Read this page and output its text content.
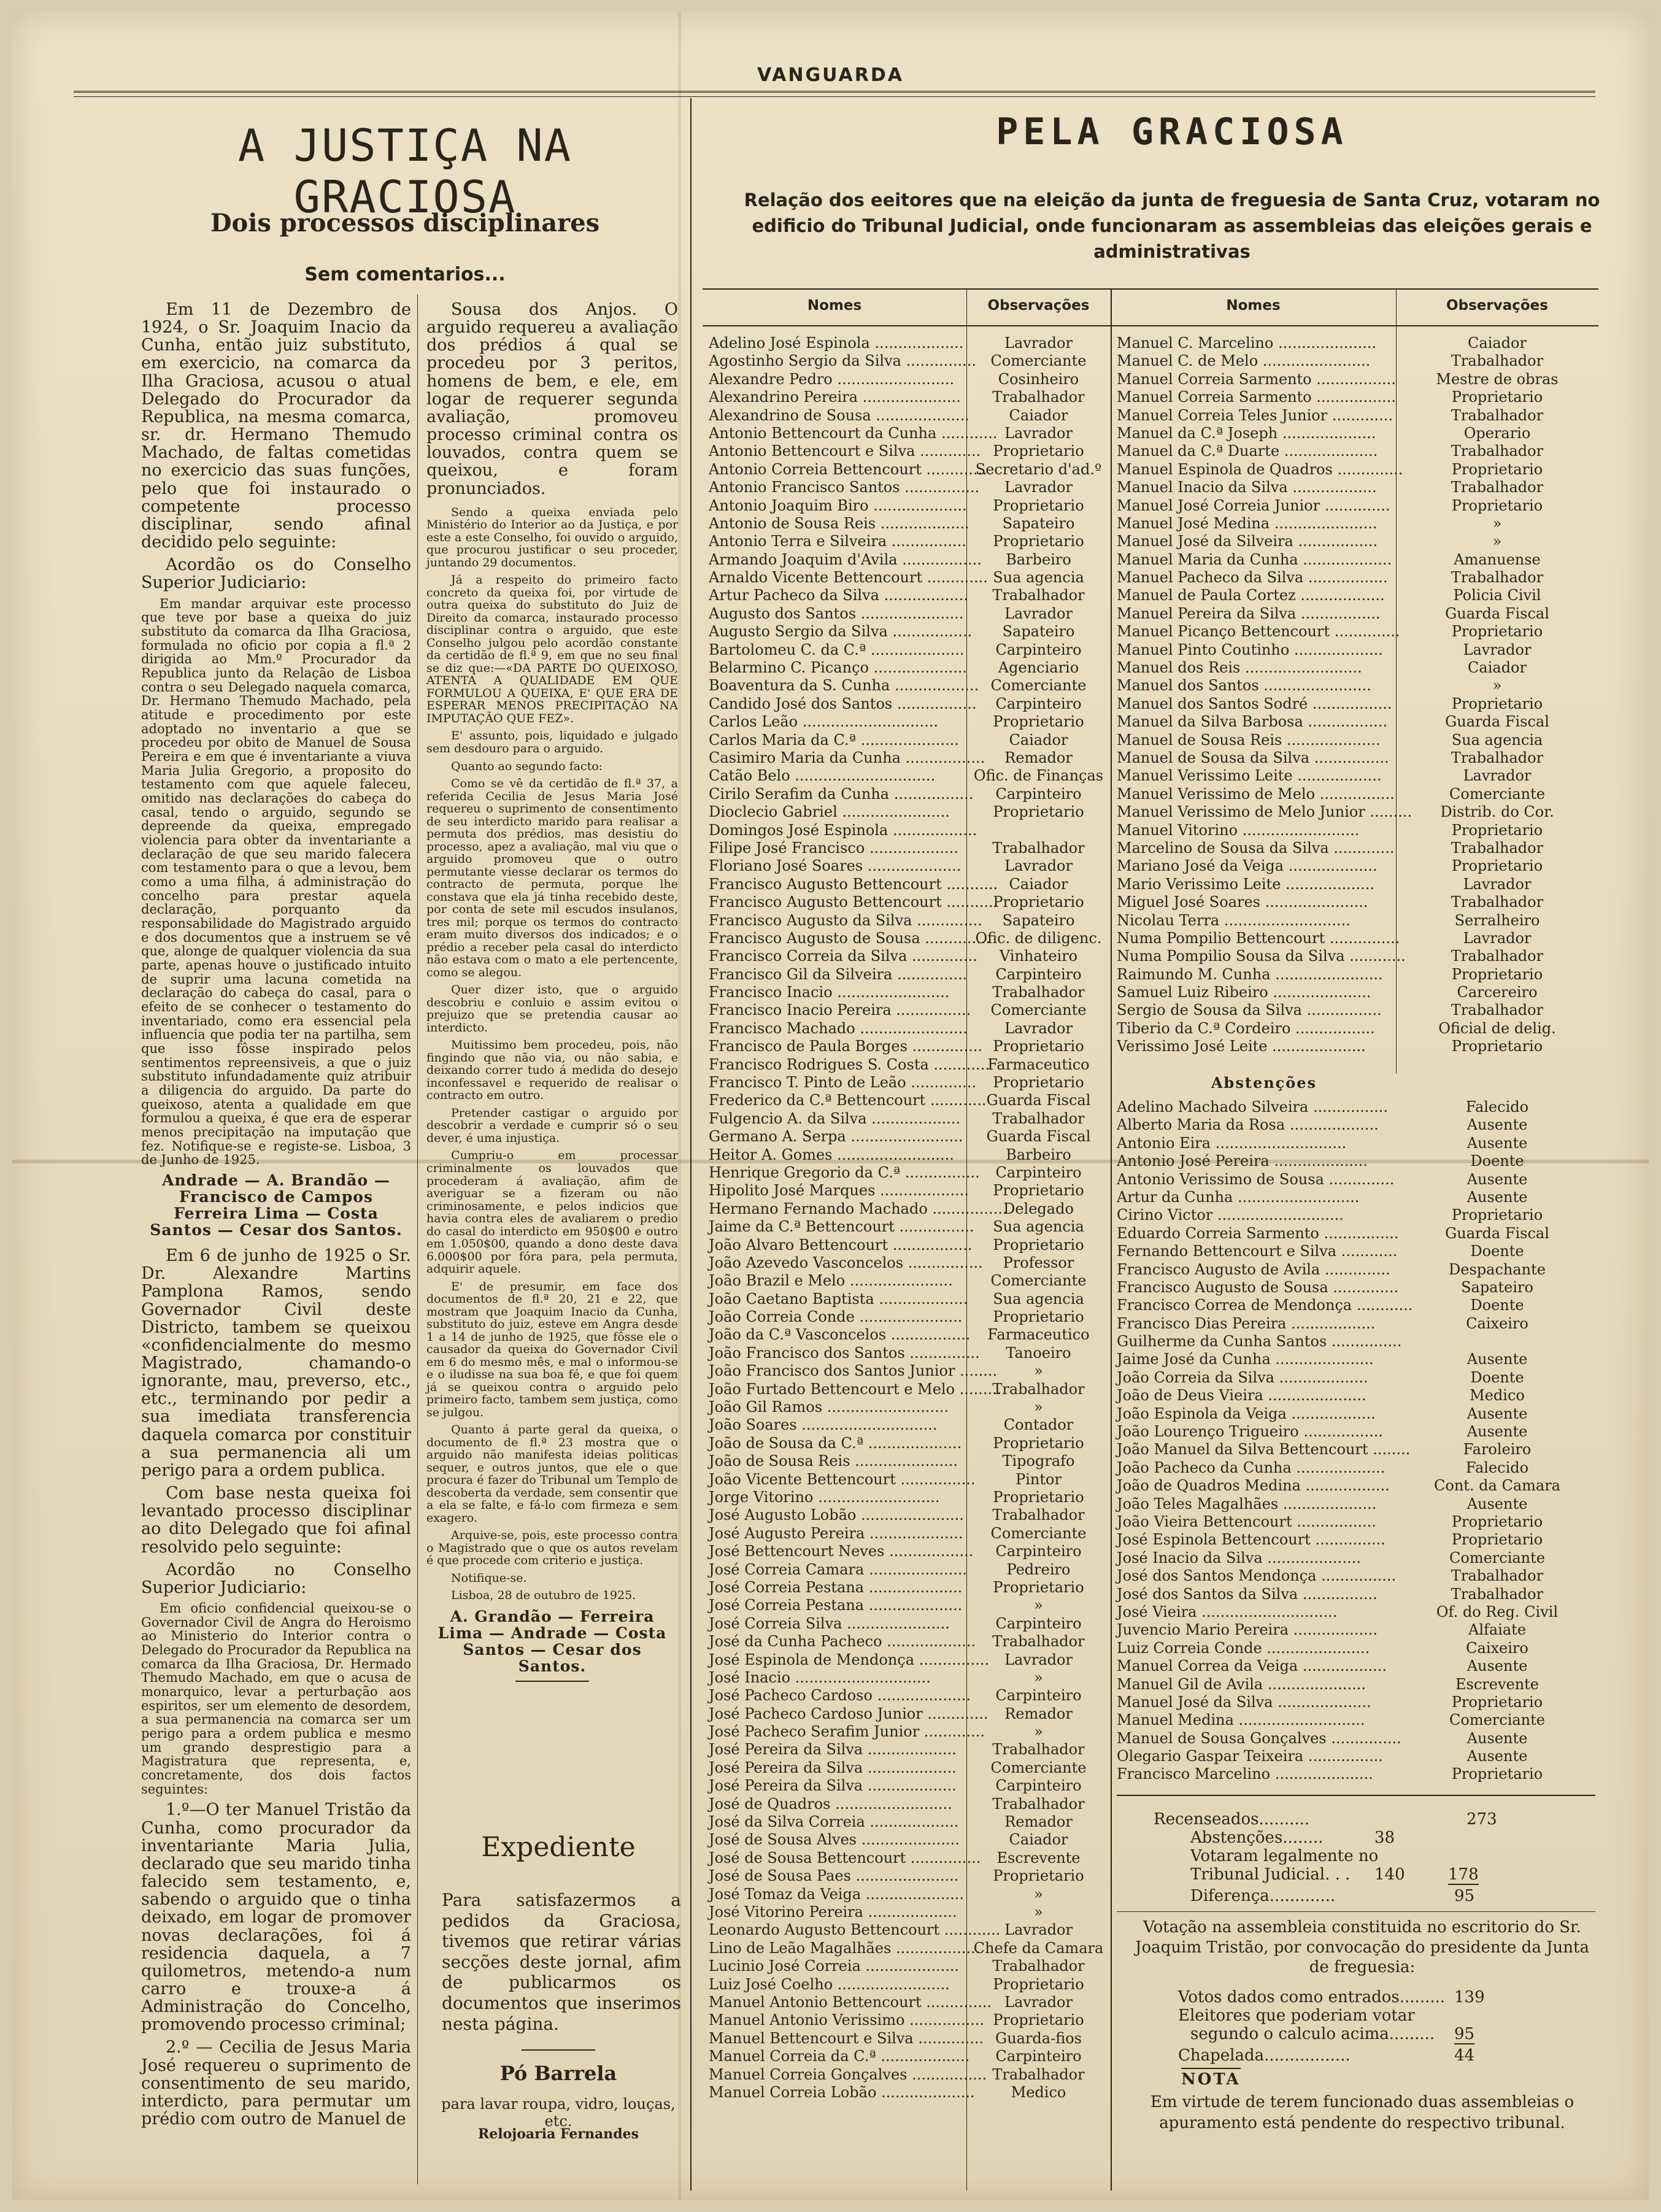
VANGUARDA
A JUSTIÇA NA GRACIOSA
Dois processos disciplinares
Sem comentarios...

Em 11 de Dezembro de 1924, o Sr. Joaquim Inacio da Cunha, então juiz substituto, em exercicio, na comarca da Ilha Graciosa, acusou o atual Delegado do Procurador da Republica, na mesma comarca, sr. dr. Hermano Themudo Machado, de faltas cometidas no exercicio das suas funções, pelo que foi instaurado o competente processo disciplinar, sendo afinal decidido pelo seguinte:

Acordão os do Conselho Superior Judiciario:

Em mandar arquivar este processo que teve por base a queixa do juiz substituto da comarca da Ilha Graciosa, formulada no oficio por copia a fl.ª 2 dirigida ao Mm.º Procurador da Republica junto da Relação de Lisboa contra o seu Delegado naquela comarca, Dr. Hermano Themudo Machado, pela atitude e procedimento por este adoptado no inventario a que se procedeu por obito de Manuel de Sousa Pereira e em que é inventariante a viuva Maria Julia Gregorio, a proposito do testamento com que aquele faleceu, omitido nas declarações do cabeça do casal, tendo o arguido, segundo se depreende da queixa, empregado violencia para obter da inventariante a declaração de que seu marido falecera com testamento para o que a levou, bem como a uma filha, á administração do concelho para prestar aquela declaração, porquanto da responsabilidade do Magistrado arguido e dos documentos que a instruem se vê que, alonge de qualquer violencia da sua parte, apenas houve o justificado intuito de suprir uma lacuna cometida na declaração do cabeça do casal, para o efeito de se conhecer o testamento do inventariado, como era essencial pela influencia que podia ter na partilha, sem que isso fôsse inspirado pelos sentimentos repreensiveis, a que o juiz substituto infundadamente quiz atribuir a diligencia do arguido. Da parte do queixoso, atenta a qualidade em que formulou a queixa, é que era de esperar menos precipitação na imputação que fez. Notifique-se e registe-se. Lisboa, 3 de Junho de 1925.
Andrade — A. Brandão — Francisco de Campos Ferreira Lima — Costa Santos — Cesar dos Santos.

Em 6 de junho de 1925 o Sr. Dr. Alexandre Martins Pamplona Ramos, sendo Governador Civil deste Districto, tambem se queixou «confidencialmente do mesmo Magistrado, chamando-o ignorante, mau, preverso, etc., etc., terminando por pedir a sua imediata transferencia daquela comarca por constituir a sua permanencia ali um perigo para a ordem publica.

Com base nesta queixa foi levantado processo disciplinar ao dito Delegado que foi afinal resolvido pelo seguinte:

Acordão no Conselho Superior Judiciario:

Em oficio confidencial queixou-se o Governador Civil de Angra do Heroismo ao Ministerio do Interior contra o Delegado do Procurador da Republica na comarca da Ilha Graciosa, Dr. Hermado Themudo Machado, em que o acusa de monarquico, levar a perturbação aos espiritos, ser um elemento de desordem, a sua permanencia na comarca ser um perigo para a ordem publica e mesmo um grando desprestigio para a Magistratura que representa, e, concretamente, dos dois factos seguintes:

1.º—O ter Manuel Tristão da Cunha, como procurador da inventariante Maria Julia, declarado que seu marido tinha falecido sem testamento, e, sabendo o arguido que o tinha deixado, em logar de promover novas declarações, foi á residencia daquela, a 7 quilometros, metendo-a num carro e trouxe-a á Administração do Concelho, promovendo processo criminal;

2.º — Cecilia de Jesus Maria José requereu o suprimento de consentimento de seu marido, interdicto, para permutar um prédio com outro de Manuel de

Sousa dos Anjos. O arguido requereu a avaliação dos prédios á qual se procedeu por 3 peritos, homens de bem, e ele, em logar de requerer segunda avaliação, promoveu processo criminal contra os louvados, contra quem se queixou, e foram pronunciados.

Sendo a queixa enviada pelo Ministério do Interior ao da Justiça, e por este a este Conselho, foi ouvido o arguido, que procurou justificar o seu proceder, juntando 29 documentos.

Já a respeito do primeiro facto concreto da queixa foi, por virtude de outra queixa do substituto do Juiz de Direito da comarca, instaurado processo disciplinar contra o arguido, que este Conselho julgou pelo acordão constante da certidão de fl.ª 9, em que no seu final se diz que:—«DA PARTE DO QUEIXOSO, ATENTA A QUALIDADE EM QUE FORMULOU A QUEIXA, E' QUE ERA DE ESPERAR MENOS PRECIPITAÇÃO NA IMPUTAÇÃO QUE FEZ».

E' assunto, pois, liquidado e julgado sem desdouro para o arguido.

Quanto ao segundo facto:

Como se vê da certidão de fl.ª 37, a referida Cecilia de Jesus Maria José requereu o suprimento de consentimento de seu interdicto marido para realisar a permuta dos prédios, mas desistiu do processo, apez a avaliação, mal viu que o arguido promoveu que o outro permutante viesse declarar os termos do contracto de permuta, porque lhe constava que ela já tinha recebido deste, por conta de sete mil escudos insulanos, tres mil; porque os termos do contracto eram muito diversos dos indicados; e o prédio a receber pela casal do interdicto não estava com o mato a ele pertencente, como se alegou.

Quer dizer isto, que o arguido descobriu e conluio e assim evitou o prejuizo que se pretendia causar ao interdicto.

Muitissimo bem procedeu, pois, não fingindo que não via, ou não sabia, e deixando correr tudo á medida do desejo inconfessavel e requerido de realisar o contracto em outro.

Pretender castigar o arguido por descobrir a verdade e cumprir só o seu dever, é uma injustiça.

Cumpriu-o em processar criminalmente os louvados que procederam á avaliação, afim de averiguar se a fizeram ou não criminosamente, e pelos indicios que havia contra eles de avaliarem o predio do casal do interdicto em 950$00 e outro em 1.050$00, quando a dono deste dava 6.000$00 por fóra para, pela permuta, adquirir aquele.

E' de presumir, em face dos documentos de fl.ª 20, 21 e 22, que mostram que Joaquim Inacio da Cunha, substituto do juiz, esteve em Angra desde 1 a 14 de junho de 1925, que fôsse ele o causador da queixa do Governador Civil em 6 do mesmo mês, e mal o informou-se e o iludisse na sua boa fé, e que foi quem já se queixou contra o arguido pelo primeiro facto, tambem sem justiça, como se julgou.

Quanto á parte geral da queixa, o documento de fl.ª 23 mostra que o arguido não manifesta ideias politicas sequer, e outros juntos, que ele o que procura é fazer do Tribunal um Templo de descoberta da verdade, sem consentir que a ela se falte, e fá-lo com firmeza e sem exagero.

Arquive-se, pois, este processo contra o Magistrado que o que os autos revelam é que procede com criterio e justiça.

Notifique-se.

Lisboa, 28 de outubro de 1925.

A. Grandão — Ferreira Lima — Andrade — Costa Santos — Cesar dos Santos.
Expediente
Para satisfazermos a pedidos da Graciosa, tivemos que retirar várias secções deste jornal, afim de publicarmos os documentos que inserimos nesta página.
Pó Barrela
para lavar roupa, vidro, louças, etc.
Relojoaria Fernandes
PELA GRACIOSA
Relação dos eeitores que na eleição da junta de freguesia de Santa Cruz, votaram no edificio do Tribunal Judicial, onde funcionaram as assembleias das eleições gerais e administrativas
Nomes	Observações	Nomes	Observações
Adelino José Espinola ...................	Lavrador
Agostinho Sergio da Silva ............... Comerciante
Alexandre Pedro .........................	Cosinheiro
Alexandrino Pereira .....................	Trabalhador
Alexandrino de Sousa ....................	Caiador
Antonio Bettencourt da Cunha ............ Lavrador
Antonio Bettencourt e Silva ............. Proprietario
Antonio Correia Bettencourt .............
Secretario d'ad.º
Antonio Francisco Santos ................	Lavrador
Antonio Joaquim Biro ....................	Proprietario
Antonio de Sousa Reis ...................	Sapateiro
Antonio Terra e Silveira ................	Proprietario
Armando Joaquim d'Avila .................	Barbeiro
Arnaldo Vicente Bettencourt ............. Sua agencia
Artur Pacheco da Silva ..................	Trabalhador
Augusto dos Santos ......................	Lavrador
Augusto Sergio da Silva .................	Sapateiro
Bartolomeu C. da C.ª ....................	Carpinteiro
Belarmino C. Picanço ....................	Agenciario
Boaventura da S. Cunha .................. Comerciante
Candido José dos Santos .................	Carpinteiro
Carlos Leão .............................	Proprietario
Carlos Maria da C.ª .....................	Caiador
Casimiro Maria da Cunha .................	Remador
Catão Belo ..............................	Ofic. de Finanças
Cirilo Serafim da Cunha .................	Carpinteiro
Dioclecio Gabriel .......................	Proprietario
Domingos José Espinola ..................
Filipe José Francisco ...................	Trabalhador
Floriano José Soares ....................	Lavrador
Francisco Augusto Bettencourt ........... Caiador
Francisco Augusto Bettencourt ...........
Proprietario
Francisco Augusto da Silva ..............	Sapateiro
Francisco Augusto de Sousa ..............
Ofic. de diligenc.
Francisco Correia da Silva ..............	Vinhateiro
Francisco Gil da Silveira ...............	Carpinteiro
Francisco Inacio ........................	Trabalhador
Francisco Inacio Pereira ................	Comerciante
Francisco Machado .......................	Lavrador
Francisco de Paula Borges ............... Proprietario
Francisco Rodrigues S. Costa ............
Farmaceutico
Francisco T. Pinto de Leão ..............	Proprietario
Frederico da C.ª Bettencourt ............ Guarda Fiscal
Fulgencio A. da Silva ...................	Trabalhador
Germano A. Serpa ........................	Guarda Fiscal
Heitor A. Gomes .........................	Barbeiro
Henrique Gregorio da C.ª ................	Carpinteiro
Hipolito José Marques ...................	Proprietario
Hermano Fernando Machado ................
Delegado
Jaime da C.ª Bettencourt ................	Sua agencia
João Alvaro Bettencourt .................	Proprietario
João Azevedo Vasconcelos ................	Professor
João Brazil e Melo ......................	Comerciante
João Caetano Baptista ...................	Sua agencia
João Correia Conde ......................	Proprietario
João da C.ª Vasconcelos .................	Farmaceutico
João Francisco dos Santos ...............	Tanoeiro
João Francisco dos Santos Junior ........	»
João Furtado Bettencourt e Melo .........
Trabalhador
João Gil Ramos ..........................	»
João Soares .............................	Contador
João de Sousa da C.ª ....................	Proprietario
João de Sousa Reis ......................	Tipografo
João Vicente Bettencourt ................	Pintor
Jorge Vitorino ..........................	Proprietario
José Augusto Lobão ......................	Trabalhador
José Augusto Pereira ....................	Comerciante
José Bettencourt Neves ..................	Carpinteiro
José Correia Camara .....................	Pedreiro
José Correia Pestana ....................	Proprietario
José Correia Pestana ....................	»
José Correia Silva ......................	Carpinteiro
José da Cunha Pacheco ...................	Trabalhador
José Espinola de Mendonça ...............	Lavrador
José Inacio .............................	»
José Pacheco Cardoso ....................	Carpinteiro
José Pacheco Cardoso Junior .............	Remador
José Pacheco Serafim Junior .............	»
José Pereira da Silva ...................	Trabalhador
José Pereira da Silva ...................	Comerciante
José Pereira da Silva ...................	Carpinteiro
José de Quadros .........................	Trabalhador
José da Silva Correia ...................	Remador
José de Sousa Alves .....................	Caiador
José de Sousa Bettencourt ...............	Escrevente
José de Sousa Paes ......................	Proprietario
José Tomaz da Veiga .....................	»
José Vitorino Pereira ...................	»
Leonardo Augusto Bettencourt ............ Lavrador
Lino de Leão Magalhães ..................
Chefe da Camara
Lucinio José Correia ....................	Trabalhador
Luiz José Coelho ........................	Proprietario
Manuel Antonio Bettencourt .............. Lavrador
Manuel Antonio Verissimo ................ Proprietario
Manuel Bettencourt e Silva .............. Guarda-fios
Manuel Correia da C.ª ...................	Carpinteiro
Manuel Correia Gonçalves ................ Trabalhador
Manuel Correia Lobão ....................	Medico
Manuel C. Marcelino .....................	Caiador
Manuel C. de Melo .......................	Trabalhador
Manuel Correia Sarmento .................	Mestre de obras
Manuel Correia Sarmento .................	Proprietario
Manuel Correia Teles Junior .............	Trabalhador
Manuel da C.ª Joseph ....................	Operario
Manuel da C.ª Duarte ....................	Trabalhador
Manuel Espinola de Quadros ..............	Proprietario
Manuel Inacio da Silva ..................	Trabalhador
Manuel José Correia Junior ..............	Proprietario
Manuel José Medina ......................	»
Manuel José da Silveira .................	»
Manuel Maria da Cunha ...................	Amanuense
Manuel Pacheco da Silva .................	Trabalhador
Manuel de Paula Cortez ..................	Policia Civil
Manuel Pereira da Silva .................	Guarda Fiscal
Manuel Picanço Bettencourt ..............	Proprietario
Manuel Pinto Coutinho ...................	Lavrador
Manuel dos Reis .........................	Caiador
Manuel dos Santos .......................	»
Manuel dos Santos Sodré .................	Proprietario
Manuel da Silva Barbosa .................	Guarda Fiscal
Manuel de Sousa Reis ....................	Sua agencia
Manuel de Sousa da Silva ................	Trabalhador
Manuel Verissimo Leite ..................	Lavrador
Manuel Verissimo de Melo ................	Comerciante
Manuel Verissimo de Melo Junior .........	Distrib. do Cor.
Manuel Vitorino .........................	Proprietario
Marcelino de Sousa da Silva .............	Trabalhador
Mariano José da Veiga ...................	Proprietario
Mario Verissimo Leite ...................	Lavrador
Miguel José Soares ......................	Trabalhador
Nicolau Terra ...........................	Serralheiro
Numa Pompilio Bettencourt ...............	Lavrador
Numa Pompilio Sousa da Silva ............	Trabalhador
Raimundo M. Cunha .......................	Proprietario
Samuel Luiz Ribeiro .....................	Carcereiro
Sergio de Sousa da Silva ................	Trabalhador
Tiberio da C.ª Cordeiro .................	Oficial de delig.
Verissimo José Leite ....................	Proprietario
Abstenções
Adelino Machado Silveira ................	Falecido
Alberto Maria da Rosa ...................	Ausente
Antonio Eira ............................	Ausente
Antonio José Pereira ....................	Doente
Antonio Verissimo de Sousa ..............	Ausente
Artur da Cunha ..........................	Ausente
Cirino Victor ...........................	Proprietario
Eduardo Correia Sarmento ................	Guarda Fiscal
Fernando Bettencourt e Silva ............	Doente
Francisco Augusto de Avila ..............	Despachante
Francisco Augusto de Sousa ..............	Sapateiro
Francisco Correa de Mendonça ............	Doente
Francisco Dias Pereira ..................	Caixeiro
Guilherme da Cunha Santos ...............
Jaime José da Cunha .....................	Ausente
João Correia da Silva ...................	Doente
João de Deus Vieira .....................	Medico
João Espinola da Veiga ..................	Ausente
João Lourenço Trigueiro .................	Ausente
João Manuel da Silva Bettencourt ........	Faroleiro
João Pacheco da Cunha ...................	Falecido
João de Quadros Medina ..................	Cont. da Camara
João Teles Magalhães ....................	Ausente
João Vieira Bettencourt .................	Proprietario
José Espinola Bettencourt ...............	Proprietario
José Inacio da Silva ....................	Comerciante
José dos Santos Mendonça ................	Trabalhador
José dos Santos da Silva ................	Trabalhador
José Vieira .............................	Of. do Reg. Civil
Juvencio Mario Pereira ..................	Alfaiate
Luiz Correia Conde ......................	Caixeiro
Manuel Correa da Veiga ..................	Ausente
Manuel Gil de Avila .....................	Escrevente
Manuel José da Silva ....................	Proprietario
Manuel Medina ...........................	Comerciante
Manuel de Sousa Gonçalves ...............	Ausente
Olegario Gaspar Teixeira ................	Ausente
Francisco Marcelino .....................	Proprietario
Recenseados..........	273
Abstenções........	38
Votaram legalmente no
Tribunal Judicial. . . 140	178
Diferença.............	95
Votação na assembleia constituida no escritorio do Sr. Joaquim Tristão, por convocação do presidente da Junta de freguesia:
Votos dados como entrados......... 139
Eleitores que poderiam votar
segundo o calculo acima......... 95
Chapelada.................	44
NOTA
Em virtude de terem funcionado duas assembleias o apuramento está pendente do respectivo tribunal.
